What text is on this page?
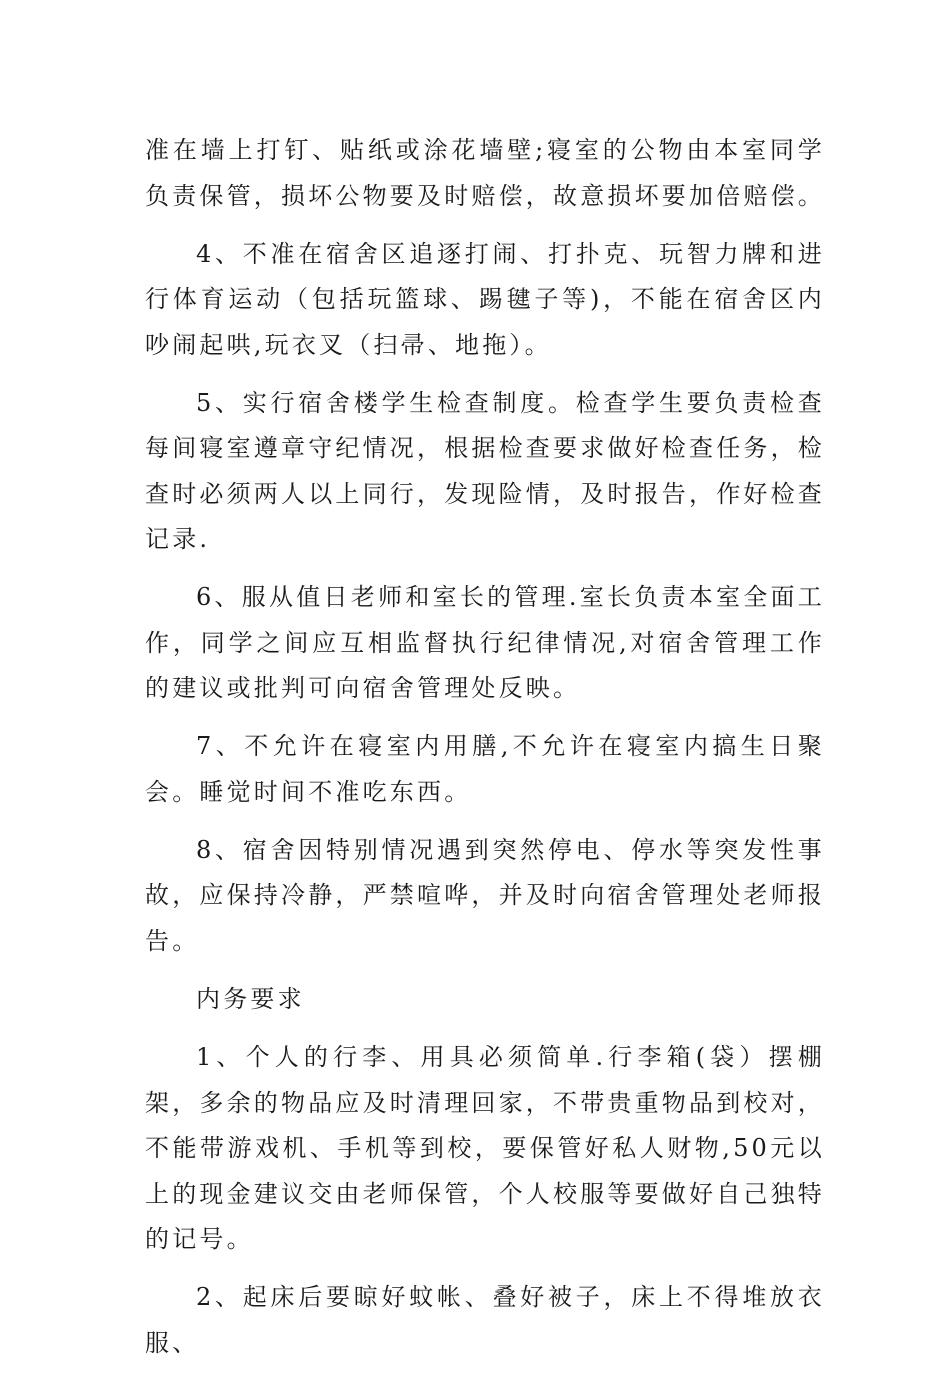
准在墙上打钉、贴纸或涂花墙壁;寝室的公物由本室同学负责保管，损坏公物要及时赔偿，故意损坏要加倍赔偿。

4、不准在宿舍区追逐打闹、打扑克、玩智力牌和进行体育运动（包括玩篮球、踢毽子等)，不能在宿舍区内吵闹起哄,玩衣叉（扫帚、地拖）。

5、实行宿舍楼学生检查制度。检查学生要负责检查每间寝室遵章守纪情况，根据检查要求做好检查任务，检查时必须两人以上同行，发现险情，及时报告，作好检查记录.

6、服从值日老师和室长的管理.室长负责本室全面工作，同学之间应互相监督执行纪律情况,对宿舍管理工作的建议或批判可向宿舍管理处反映。

7、不允许在寝室内用膳,不允许在寝室内搞生日聚会。睡觉时间不准吃东西。

8、宿舍因特别情况遇到突然停电、停水等突发性事故，应保持冷静，严禁喧哗，并及时向宿舍管理处老师报告。

内务要求

1、个人的行李、用具必须简单.行李箱(袋）摆棚架，多余的物品应及时清理回家，不带贵重物品到校对，不能带游戏机、手机等到校，要保管好私人财物,50元以上的现金建议交由老师保管，个人校服等要做好自己独特的记号。

2、起床后要晾好蚊帐、叠好被子，床上不得堆放衣服、
